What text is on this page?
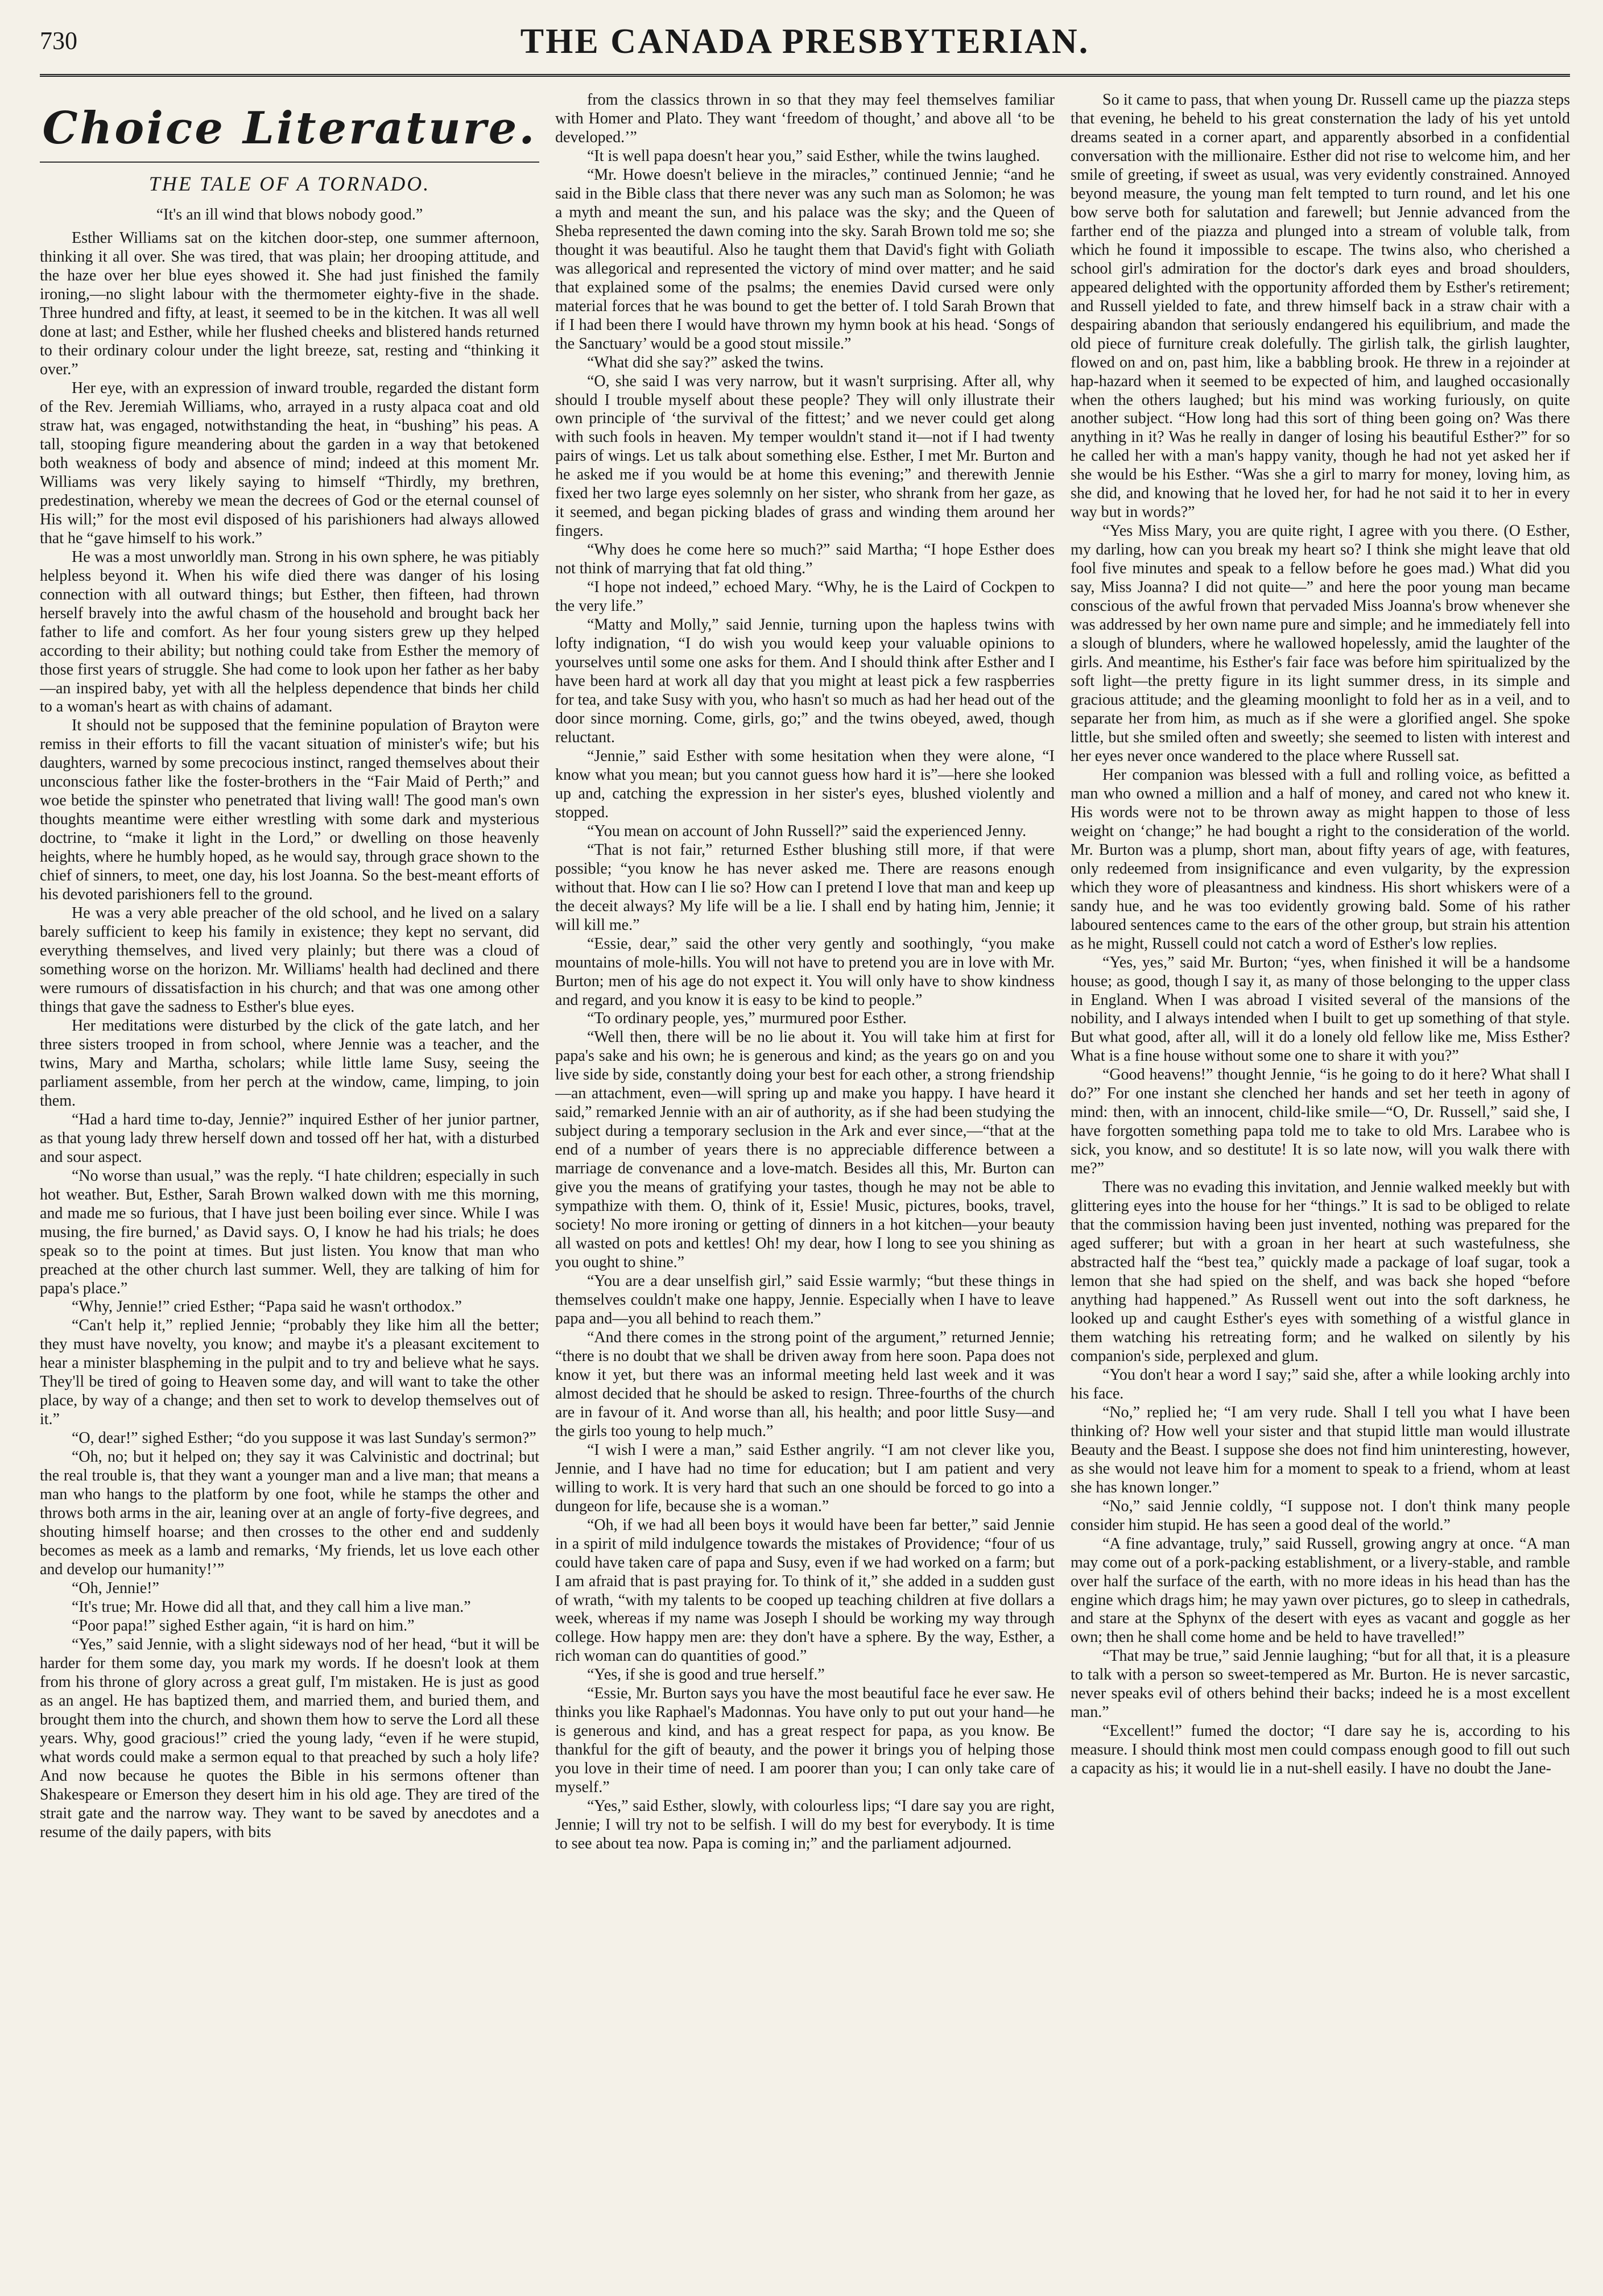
730	THE CANADA PRESBYTERIAN.
Choice Literature.
THE TALE OF A TORNADO.

“It's an ill wind that blows nobody good.”

Esther Williams sat on the kitchen door-step, one summer afternoon, thinking it all over. She was tired, that was plain; her drooping attitude, and the haze over her blue eyes showed it. She had just finished the family ironing,—no slight labour with the thermometer eighty-five in the shade. Three hundred and fifty, at least, it seemed to be in the kitchen. It was all well done at last; and Esther, while her flushed cheeks and blistered hands returned to their ordinary colour under the light breeze, sat, resting and “thinking it over.”

Her eye, with an expression of inward trouble, regarded the distant form of the Rev. Jeremiah Williams, who, arrayed in a rusty alpaca coat and old straw hat, was engaged, notwithstanding the heat, in “bushing” his peas. A tall, stooping figure meandering about the garden in a way that betokened both weakness of body and absence of mind; indeed at this moment Mr. Williams was very likely saying to himself “Thirdly, my brethren, predestination, whereby we mean the decrees of God or the eternal counsel of His will;” for the most evil disposed of his parishioners had always allowed that he “gave himself to his work.”

He was a most unworldly man. Strong in his own sphere, he was pitiably helpless beyond it. When his wife died there was danger of his losing connection with all outward things; but Esther, then fifteen, had thrown herself bravely into the awful chasm of the household and brought back her father to life and comfort. As her four young sisters grew up they helped according to their ability; but nothing could take from Esther the memory of those first years of struggle. She had come to look upon her father as her baby—an inspired baby, yet with all the helpless dependence that binds her child to a woman's heart as with chains of adamant.

It should not be supposed that the feminine population of Brayton were remiss in their efforts to fill the vacant situation of minister's wife; but his daughters, warned by some precocious instinct, ranged themselves about their unconscious father like the foster-brothers in the “Fair Maid of Perth;” and woe betide the spinster who penetrated that living wall! The good man's own thoughts meantime were either wrestling with some dark and mysterious doctrine, to “make it light in the Lord,” or dwelling on those heavenly heights, where he humbly hoped, as he would say, through grace shown to the chief of sinners, to meet, one day, his lost Joanna. So the best-meant efforts of his devoted parishioners fell to the ground.

He was a very able preacher of the old school, and he lived on a salary barely sufficient to keep his family in existence; they kept no servant, did everything themselves, and lived very plainly; but there was a cloud of something worse on the horizon. Mr. Williams' health had declined and there were rumours of dissatisfaction in his church; and that was one among other things that gave the sadness to Esther's blue eyes.

Her meditations were disturbed by the click of the gate latch, and her three sisters trooped in from school, where Jennie was a teacher, and the twins, Mary and Martha, scholars; while little lame Susy, seeing the parliament assemble, from her perch at the window, came, limping, to join them.

“Had a hard time to-day, Jennie?” inquired Esther of her junior partner, as that young lady threw herself down and tossed off her hat, with a disturbed and sour aspect.

“No worse than usual,” was the reply. “I hate children; especially in such hot weather. But, Esther, Sarah Brown walked down with me this morning, and made me so furious, that I have just been boiling ever since. While I was musing, the fire burned,' as David says. O, I know he had his trials; he does speak so to the point at times. But just listen. You know that man who preached at the other church last summer. Well, they are talking of him for papa's place.”

“Why, Jennie!” cried Esther; “Papa said he wasn't orthodox.”

“Can't help it,” replied Jennie; “probably they like him all the better; they must have novelty, you know; and maybe it's a pleasant excitement to hear a minister blaspheming in the pulpit and to try and believe what he says. They'll be tired of going to Heaven some day, and will want to take the other place, by way of a change; and then set to work to develop themselves out of it.”

“O, dear!” sighed Esther; “do you suppose it was last Sunday's sermon?”

“Oh, no; but it helped on; they say it was Calvinistic and doctrinal; but the real trouble is, that they want a younger man and a live man; that means a man who hangs to the platform by one foot, while he stamps the other and throws both arms in the air, leaning over at an angle of forty-five degrees, and shouting himself hoarse; and then crosses to the other end and suddenly becomes as meek as a lamb and remarks, ‘My friends, let us love each other and develop our humanity!’”

“Oh, Jennie!”

“It's true; Mr. Howe did all that, and they call him a live man.”

“Poor papa!” sighed Esther again, “it is hard on him.”

“Yes,” said Jennie, with a slight sideways nod of her head, “but it will be harder for them some day, you mark my words. If he doesn't look at them from his throne of glory across a great gulf, I'm mistaken. He is just as good as an angel. He has baptized them, and married them, and buried them, and brought them into the church, and shown them how to serve the Lord all these years. Why, good gracious!” cried the young lady, “even if he were stupid, what words could make a sermon equal to that preached by such a holy life? And now because he quotes the Bible in his sermons oftener than Shakespeare or Emerson they desert him in his old age. They are tired of the strait gate and the narrow way. They want to be saved by anecdotes and a resume of the daily papers, with bits

from the classics thrown in so that they may feel themselves familiar with Homer and Plato. They want ‘freedom of thought,’ and above all ‘to be developed.’”

“It is well papa doesn't hear you,” said Esther, while the twins laughed.

“Mr. Howe doesn't believe in the miracles,” continued Jennie; “and he said in the Bible class that there never was any such man as Solomon; he was a myth and meant the sun, and his palace was the sky; and the Queen of Sheba represented the dawn coming into the sky. Sarah Brown told me so; she thought it was beautiful. Also he taught them that David's fight with Goliath was allegorical and represented the victory of mind over matter; and he said that explained some of the psalms; the enemies David cursed were only material forces that he was bound to get the better of. I told Sarah Brown that if I had been there I would have thrown my hymn book at his head. ‘Songs of the Sanctuary’ would be a good stout missile.”

“What did she say?” asked the twins.

“O, she said I was very narrow, but it wasn't surprising. After all, why should I trouble myself about these people? They will only illustrate their own principle of ‘the survival of the fittest;’ and we never could get along with such fools in heaven. My temper wouldn't stand it—not if I had twenty pairs of wings. Let us talk about something else. Esther, I met Mr. Burton and he asked me if you would be at home this evening;” and therewith Jennie fixed her two large eyes solemnly on her sister, who shrank from her gaze, as it seemed, and began picking blades of grass and winding them around her fingers.

“Why does he come here so much?” said Martha; “I hope Esther does not think of marrying that fat old thing.”

“I hope not indeed,” echoed Mary. “Why, he is the Laird of Cockpen to the very life.”

“Matty and Molly,” said Jennie, turning upon the hapless twins with lofty indignation, “I do wish you would keep your valuable opinions to yourselves until some one asks for them. And I should think after Esther and I have been hard at work all day that you might at least pick a few raspberries for tea, and take Susy with you, who hasn't so much as had her head out of the door since morning. Come, girls, go;” and the twins obeyed, awed, though reluctant.

“Jennie,” said Esther with some hesitation when they were alone, “I know what you mean; but you cannot guess how hard it is”—here she looked up and, catching the expression in her sister's eyes, blushed violently and stopped.

“You mean on account of John Russell?” said the experienced Jenny.

“That is not fair,” returned Esther blushing still more, if that were possible; “you know he has never asked me. There are reasons enough without that. How can I lie so? How can I pretend I love that man and keep up the deceit always? My life will be a lie. I shall end by hating him, Jennie; it will kill me.”

“Essie, dear,” said the other very gently and soothingly, “you make mountains of mole-hills. You will not have to pretend you are in love with Mr. Burton; men of his age do not expect it. You will only have to show kindness and regard, and you know it is easy to be kind to people.”

“To ordinary people, yes,” murmured poor Esther.

“Well then, there will be no lie about it. You will take him at first for papa's sake and his own; he is generous and kind; as the years go on and you live side by side, constantly doing your best for each other, a strong friendship—an attachment, even—will spring up and make you happy. I have heard it said,” remarked Jennie with an air of authority, as if she had been studying the subject during a temporary seclusion in the Ark and ever since,—“that at the end of a number of years there is no appreciable difference between a marriage de convenance and a love-match. Besides all this, Mr. Burton can give you the means of gratifying your tastes, though he may not be able to sympathize with them. O, think of it, Essie! Music, pictures, books, travel, society! No more ironing or getting of dinners in a hot kitchen—your beauty all wasted on pots and kettles! Oh! my dear, how I long to see you shining as you ought to shine.”

“You are a dear unselfish girl,” said Essie warmly; “but these things in themselves couldn't make one happy, Jennie. Especially when I have to leave papa and—you all behind to reach them.”

“And there comes in the strong point of the argument,” returned Jennie; “there is no doubt that we shall be driven away from here soon. Papa does not know it yet, but there was an informal meeting held last week and it was almost decided that he should be asked to resign. Three-fourths of the church are in favour of it. And worse than all, his health; and poor little Susy—and the girls too young to help much.”

“I wish I were a man,” said Esther angrily. “I am not clever like you, Jennie, and I have had no time for education; but I am patient and very willing to work. It is very hard that such an one should be forced to go into a dungeon for life, because she is a woman.”

“Oh, if we had all been boys it would have been far better,” said Jennie in a spirit of mild indulgence towards the mistakes of Providence; “four of us could have taken care of papa and Susy, even if we had worked on a farm; but I am afraid that is past praying for. To think of it,” she added in a sudden gust of wrath, “with my talents to be cooped up teaching children at five dollars a week, whereas if my name was Joseph I should be working my way through college. How happy men are: they don't have a sphere. By the way, Esther, a rich woman can do quantities of good.”

“Yes, if she is good and true herself.”

“Essie, Mr. Burton says you have the most beautiful face he ever saw. He thinks you like Raphael's Madonnas. You have only to put out your hand—he is generous and kind, and has a great respect for papa, as you know. Be thankful for the gift of beauty, and the power it brings you of helping those you love in their time of need. I am poorer than you; I can only take care of myself.”

“Yes,” said Esther, slowly, with colourless lips; “I dare say you are right, Jennie; I will try not to be selfish. I will do my best for everybody. It is time to see about tea now. Papa is coming in;” and the parliament adjourned.

So it came to pass, that when young Dr. Russell came up the piazza steps that evening, he beheld to his great consternation the lady of his yet untold dreams seated in a corner apart, and apparently absorbed in a confidential conversation with the millionaire. Esther did not rise to welcome him, and her smile of greeting, if sweet as usual, was very evidently constrained. Annoyed beyond measure, the young man felt tempted to turn round, and let his one bow serve both for salutation and farewell; but Jennie advanced from the farther end of the piazza and plunged into a stream of voluble talk, from which he found it impossible to escape. The twins also, who cherished a school girl's admiration for the doctor's dark eyes and broad shoulders, appeared delighted with the opportunity afforded them by Esther's retirement; and Russell yielded to fate, and threw himself back in a straw chair with a despairing abandon that seriously endangered his equilibrium, and made the old piece of furniture creak dolefully. The girlish talk, the girlish laughter, flowed on and on, past him, like a babbling brook. He threw in a rejoinder at hap-hazard when it seemed to be expected of him, and laughed occasionally when the others laughed; but his mind was working furiously, on quite another subject. “How long had this sort of thing been going on? Was there anything in it? Was he really in danger of losing his beautiful Esther?” for so he called her with a man's happy vanity, though he had not yet asked her if she would be his Esther. “Was she a girl to marry for money, loving him, as she did, and knowing that he loved her, for had he not said it to her in every way but in words?”

“Yes Miss Mary, you are quite right, I agree with you there. (O Esther, my darling, how can you break my heart so? I think she might leave that old fool five minutes and speak to a fellow before he goes mad.) What did you say, Miss Joanna? I did not quite—” and here the poor young man became conscious of the awful frown that pervaded Miss Joanna's brow whenever she was addressed by her own name pure and simple; and he immediately fell into a slough of blunders, where he wallowed hopelessly, amid the laughter of the girls. And meantime, his Esther's fair face was before him spiritualized by the soft light—the pretty figure in its light summer dress, in its simple and gracious attitude; and the gleaming moonlight to fold her as in a veil, and to separate her from him, as much as if she were a glorified angel. She spoke little, but she smiled often and sweetly; she seemed to listen with interest and her eyes never once wandered to the place where Russell sat.

Her companion was blessed with a full and rolling voice, as befitted a man who owned a million and a half of money, and cared not who knew it. His words were not to be thrown away as might happen to those of less weight on ‘change;” he had bought a right to the consideration of the world. Mr. Burton was a plump, short man, about fifty years of age, with features, only redeemed from insignificance and even vulgarity, by the expression which they wore of pleasantness and kindness. His short whiskers were of a sandy hue, and he was too evidently growing bald. Some of his rather laboured sentences came to the ears of the other group, but strain his attention as he might, Russell could not catch a word of Esther's low replies.

“Yes, yes,” said Mr. Burton; “yes, when finished it will be a handsome house; as good, though I say it, as many of those belonging to the upper class in England. When I was abroad I visited several of the mansions of the nobility, and I always intended when I built to get up something of that style. But what good, after all, will it do a lonely old fellow like me, Miss Esther? What is a fine house without some one to share it with you?”

“Good heavens!” thought Jennie, “is he going to do it here? What shall I do?” For one instant she clenched her hands and set her teeth in agony of mind: then, with an innocent, child-like smile—“O, Dr. Russell,” said she, I have forgotten something papa told me to take to old Mrs. Larabee who is sick, you know, and so destitute! It is so late now, will you walk there with me?”

There was no evading this invitation, and Jennie walked meekly but with glittering eyes into the house for her “things.” It is sad to be obliged to relate that the commission having been just invented, nothing was prepared for the aged sufferer; but with a groan in her heart at such wastefulness, she abstracted half the “best tea,” quickly made a package of loaf sugar, took a lemon that she had spied on the shelf, and was back she hoped “before anything had happened.” As Russell went out into the soft darkness, he looked up and caught Esther's eyes with something of a wistful glance in them watching his retreating form; and he walked on silently by his companion's side, perplexed and glum.

“You don't hear a word I say;” said she, after a while looking archly into his face.

“No,” replied he; “I am very rude. Shall I tell you what I have been thinking of? How well your sister and that stupid little man would illustrate Beauty and the Beast. I suppose she does not find him uninteresting, however, as she would not leave him for a moment to speak to a friend, whom at least she has known longer.”

“No,” said Jennie coldly, “I suppose not. I don't think many people consider him stupid. He has seen a good deal of the world.”

“A fine advantage, truly,” said Russell, growing angry at once. “A man may come out of a pork-packing establishment, or a livery-stable, and ramble over half the surface of the earth, with no more ideas in his head than has the engine which drags him; he may yawn over pictures, go to sleep in cathedrals, and stare at the Sphynx of the desert with eyes as vacant and goggle as her own; then he shall come home and be held to have travelled!”

“That may be true,” said Jennie laughing; “but for all that, it is a pleasure to talk with a person so sweet-tempered as Mr. Burton. He is never sarcastic, never speaks evil of others behind their backs; indeed he is a most excellent man.”

“Excellent!” fumed the doctor; “I dare say he is, according to his measure. I should think most men could compass enough good to fill out such a capacity as his; it would lie in a nut-shell easily. I have no doubt the Jane-
